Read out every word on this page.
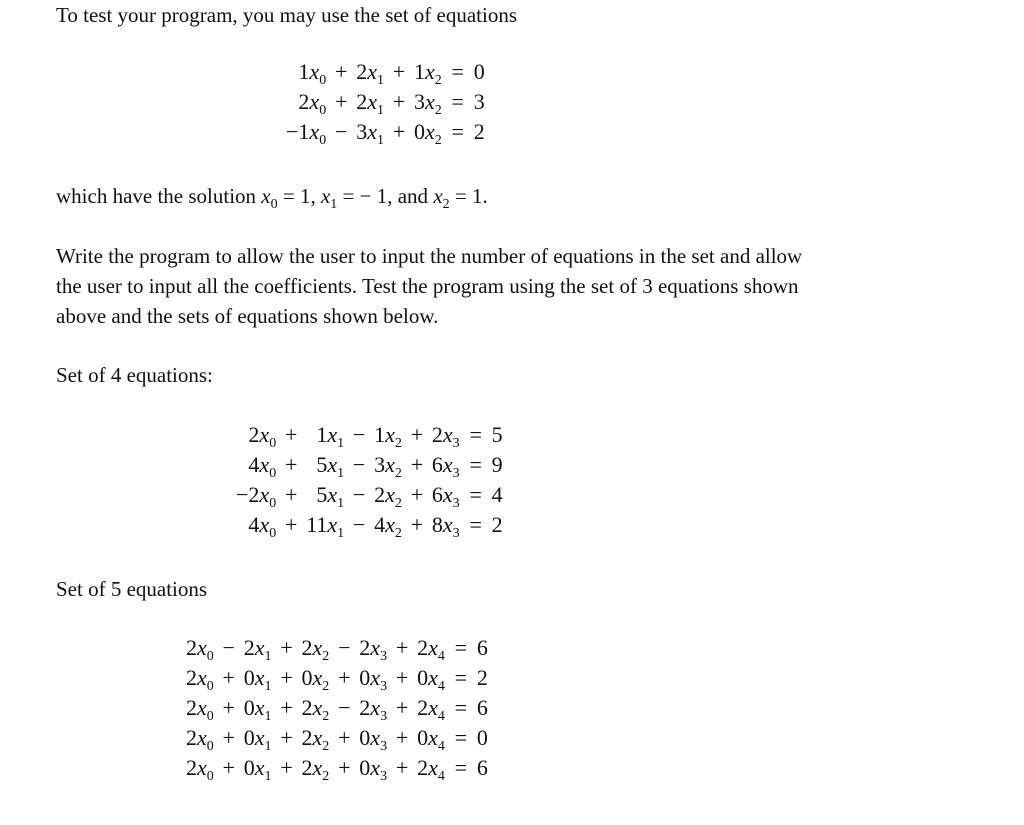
To test your program, you may use the set of equations

$1x_0$	+	$2x_1$	+	$1x_2$	=	0
$2x_0$	+	$2x_1$	+	$3x_2$	=	3
$-1x_0$	−	$3x_1$	+	$0x_2$	=	2

which have the solution $x_0 = 1$, $x_1$ = − 1, and $x_2 = 1$.

Write the program to allow the user to input the number of equations in the set and allow

the user to input all the coefficients. Test the program using the set of 3 equations shown

above and the sets of equations shown below.

Set of 4 equations:

$2x_0$	+	$1x_1$	−	$1x_2$	+	$2x_3$	=	5
$4x_0$	+	$5x_1$	−	$3x_2$	+	$6x_3$	=	9
$-2x_0$	+	$5x_1$	−	$2x_2$	+	$6x_3$	=	4
$4x_0$	+	$11x_1$	−	$4x_2$	+	$8x_3$	=	2

Set of 5 equations

$2x_0$	−	$2x_1$	+	$2x_2$	−	$2x_3$	+	$2x_4$	=	6
$2x_0$	+	$0x_1$	+	$0x_2$	+	$0x_3$	+	$0x_4$	=	2
$2x_0$	+	$0x_1$	+	$2x_2$	−	$2x_3$	+	$2x_4$	=	6
$2x_0$	+	$0x_1$	+	$2x_2$	+	$0x_3$	+	$0x_4$	=	0
$2x_0$	+	$0x_1$	+	$2x_2$	+	$0x_3$	+	$2x_4$	=	6
